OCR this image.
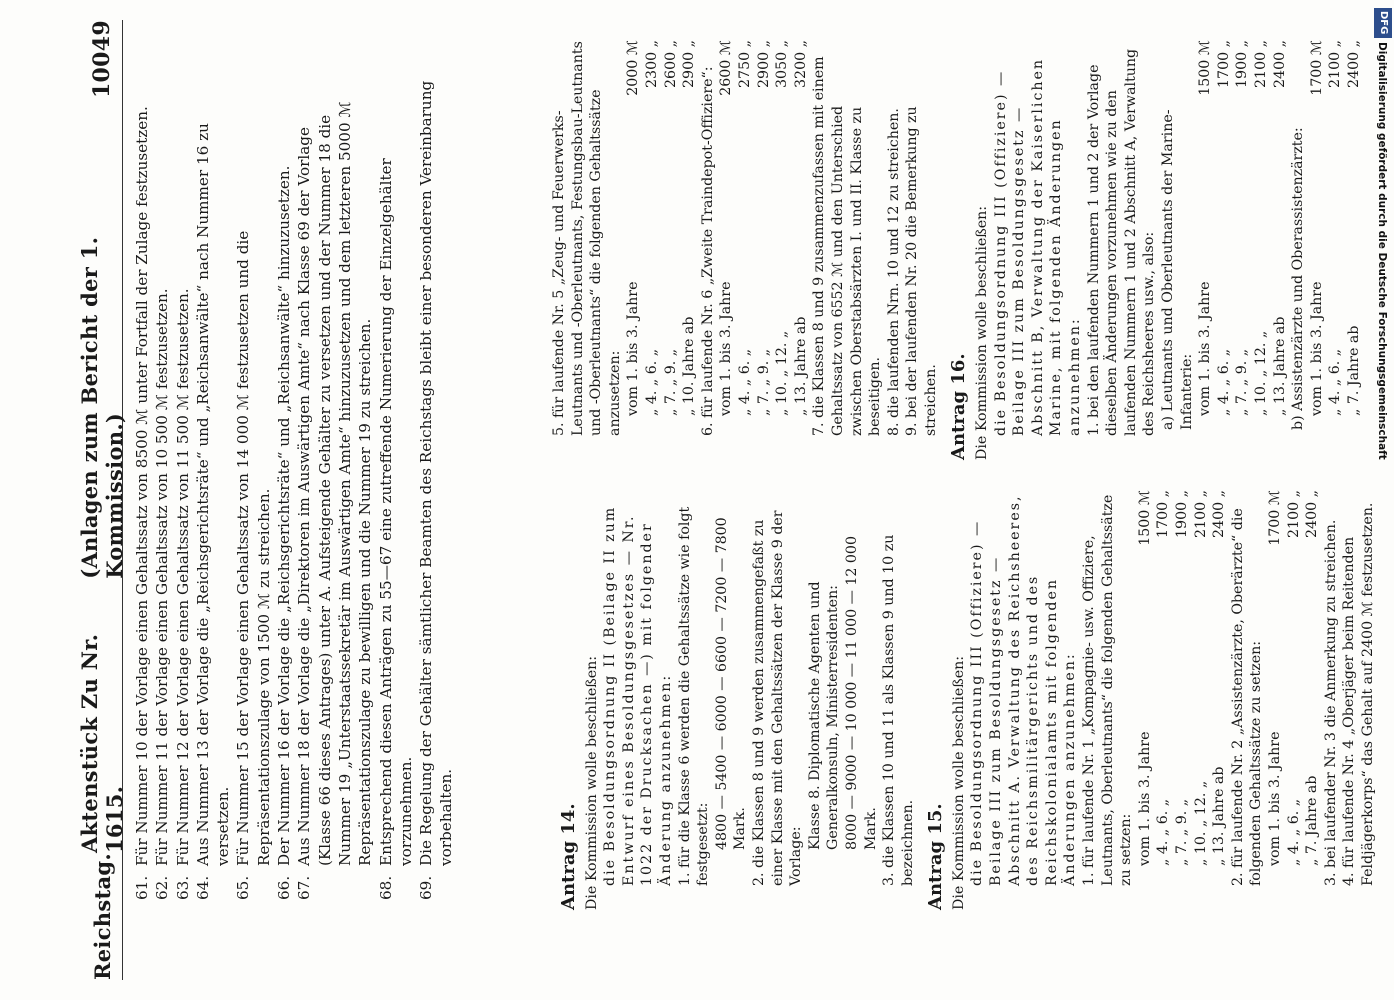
Reichstag.
Aktenstück Zu Nr. 1615.
(Anlagen zum Bericht der 1. Kommission.)
10049

61.
Für Nummer 10 der Vorlage einen Gehaltssatz von 8500 ℳ unter Fortfall der Zulage festzusetzen.

62.
Für Nummer 11 der Vorlage einen Gehaltssatz von 10 500 ℳ festzusetzen.

63.
Für Nummer 12 der Vorlage einen Gehaltssatz von 11 500 ℳ festzusetzen.

64.
Aus Nummer 13 der Vorlage die „Reichsgerichtsräte“ und „Reichsanwälte“ nach Nummer 16 zu versetzen.

65.
Für Nummer 15 der Vorlage einen Gehaltssatz von 14 000 ℳ festzusetzen und die Repräsentationszulage von 1500 ℳ zu streichen.

66.
Der Nummer 16 der Vorlage die „Reichsgerichtsräte“ und „Reichsanwälte“ hinzuzusetzen.

67.
Aus Nummer 18 der Vorlage die „Direktoren im Auswärtigen Amte“ nach Klasse 69 der Vorlage (Klasse 66 dieses Antrages) unter A. Aufsteigende Gehälter zu versetzen und der Nummer 18 die Nummer 19 „Unterstaatssekretär im Auswärtigen Amte“ hinzuzusetzen und dem letzteren 5000 ℳ Repräsentationszulage zu bewilligen und die Nummer 19 zu streichen.

68.
Entsprechend diesen Anträgen zu 55—67 eine zutreffende Numerierung der Einzelgehälter vorzunehmen.

69.
Die Regelung der Gehälter sämtlicher Beamten des Reichstags bleibt einer besonderen Vereinbarung vorbehalten.	Antrag 14. Die Kommission wolle beschließen: die Besoldungsordnung II (Beilage II zum Entwurf eines Besoldungsgesetzes — Nr. 1022 der Drucksachen —) mit folgender Änderung anzunehmen: 1. für die Klasse 6 werden die Gehaltssätze wie folgt festgesetzt: 4800 — 5400 — 6000 — 6600 — 7200 — 7800 Mark. 2. die Klassen 8 und 9 werden zusammengefaßt zu einer Klasse mit den Gehaltssätzen der Klasse 9 der Vorlage:

Klasse 8. Diplomatische Agenten und Generalkonsuln, Ministerresidenten: 8000 — 9000 — 10 000 — 11 000 — 12 000 Mark. 3. die Klassen 10 und 11 als Klassen 9 und 10 zu bezeichnen. Antrag 15. Die Kommission wolle beschließen: die Besoldungsordnung III (Offiziere) — Beilage III zum Besoldungsgesetz — Abschnitt A. Verwaltung des Reichsheeres, des Reichsmilitärgerichts und des Reichskolonialamts mit folgenden Änderungen anzunehmen: 1. für laufende Nr. 1 „Kompagnie- usw. Offiziere, Leutnants, Oberleutnants“ die folgenden Gehaltssätze zu setzen: vom 1. bis 3. Jahre
1500 ℳ
„ 4. „ 6. „
1700 „
„ 7. „ 9. „
1900 „
„ 10. „ 12. „
2100 „
„ 13. Jahre ab
2400 „ 2. für laufende Nr. 2 „Assistenzärzte, Oberärzte“ die folgenden Gehaltssätze zu setzen: vom 1. bis 3. Jahre
1700 ℳ
„ 4. „ 6. „
2100 „
„ 7. Jahre ab
2400 „

3. bei laufender Nr. 3 die Anmerkung zu streichen. 4. für laufende Nr. 4 „Oberjäger beim Reitenden Feldjägerkorps“ das Gehalt auf 2400 ℳ festzusetzen.

5. für laufende Nr. 5 „Zeug- und Feuerwerks-Leutnants und -Oberleutnants, Festungsbau-Leutnants und -Oberleutnants“ die folgenden Gehaltssätze anzusetzen: vom 1. bis 3. Jahre
2000 ℳ
„ 4. „ 6. „
2300 „
„ 7. „ 9. „
2600 „
„ 10. Jahre ab
2900 „

6. für laufende Nr. 6 „Zweite Traindepot-Offiziere“: vom 1. bis 3. Jahre
2600 ℳ
„ 4. „ 6. „
2750 „
„ 7. „ 9. „
2900 „
„ 10. „ 12. „
3050 „
„ 13. Jahre ab
3200 „ 7. die Klassen 8 und 9 zusammenzufassen mit einem Gehaltssatz von 6552 ℳ und den Unterschied zwischen Oberstabsärzten I. und II. Klasse zu beseitigen. 8. die laufenden Nrn. 10 und 12 zu streichen. 9. bei der laufenden Nr. 20 die Bemerkung zu streichen. Antrag 16. Die Kommission wolle beschließen: die Besoldungsordnung III (Offiziere) — Beilage III zum Besoldungsgesetz — Abschnitt B, Verwaltung der Kaiserlichen Marine, mit folgenden Änderungen anzunehmen: 1. bei den laufenden Nummern 1 und 2 der Vorlage dieselben Änderungen vorzunehmen wie zu den laufenden Nummern 1 und 2 Abschnitt A, Verwaltung des Reichsheeres usw., also: a) Leutnants und Oberleutnants der Marine-Infanterie: vom 1. bis 3. Jahre
1500 ℳ
„ 4. „ 6. „
1700 „
„ 7. „ 9. „
1900 „
„ 10. „ 12. „
2100 „
„ 13. Jahre ab
2400 „

b) Assistenzärzte und Oberassistenzärzte: vom 1. bis 3. Jahre
1700 ℳ
„ 4. „ 6. „
2100 „
„ 7. Jahre ab
2400 „
DFG
Digitalisierung gefördert durch die Deutsche Forschungsgemeinschaft
